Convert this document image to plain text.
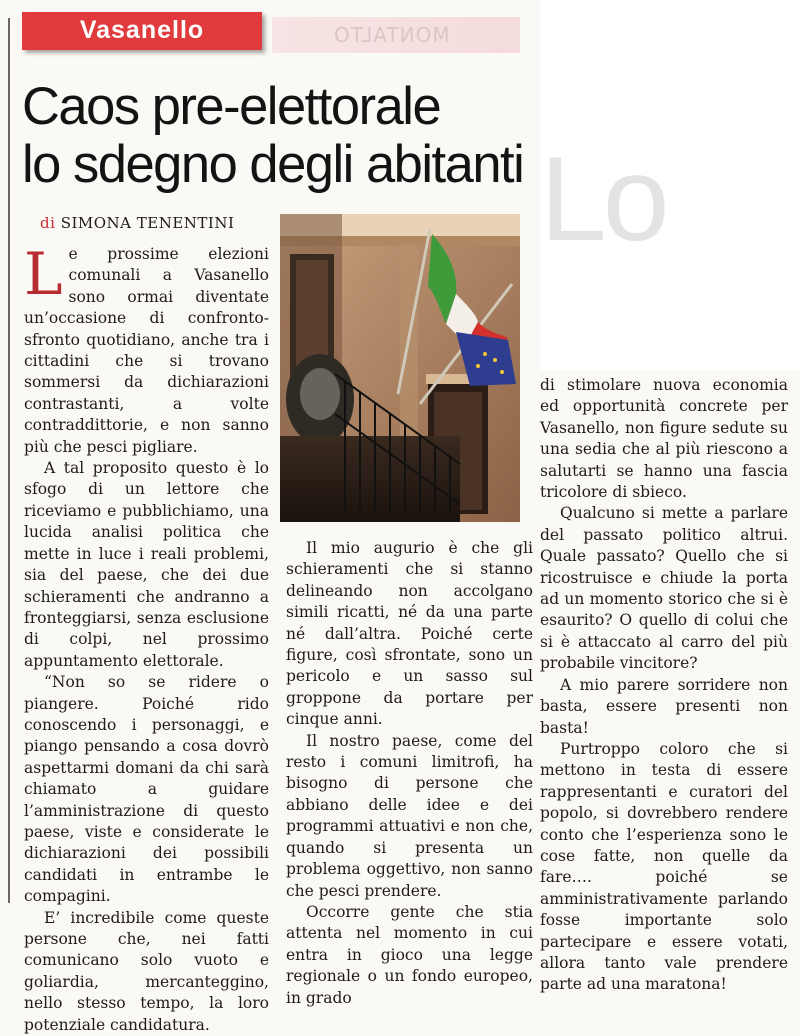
Lo
MONTALTO
Vasanello
Caos pre-elettorale
lo sdegno degli abitanti
di SIMONA TENENTINI
L e prossime elezioni comunali a Vasanello sono ormai diventate un’occasione di confronto-sfronto quotidiano, anche tra i cittadini che si trovano sommersi da dichiarazioni contrastanti, a volte contraddittorie, e non sanno più che pesci pigliare.

A tal proposito questo è lo sfogo di un lettore che riceviamo e pubblichiamo, una lucida analisi politica che mette in luce i reali problemi, sia del paese, che dei due schieramenti che andranno a fronteggiarsi, senza esclusione di colpi, nel prossimo appuntamento elettorale.

“Non so se ridere o piangere. Poiché rido conoscendo i personaggi, e piango pensando a cosa dovrò aspettarmi domani da chi sarà chiamato a guidare l’amministrazione di questo paese, viste e considerate le dichiarazioni dei possibili candidati in entrambe le compagini.

E’ incredibile come queste persone che, nei fatti comunicano solo vuoto e goliardia, mercanteggino, nello stesso tempo, la loro potenziale candidatura.

Il mio augurio è che gli schieramenti che si stanno delineando non accolgano simili ricatti, né da una parte né dall’altra. Poiché certe figure, così sfrontate, sono un pericolo e un sasso sul groppone da portare per cinque anni.

Il nostro paese, come del resto i comuni limitrofi, ha bisogno di persone che abbiano delle idee e dei programmi attuativi e non che, quando si presenta un problema oggettivo, non sanno che pesci prendere.

Occorre gente che stia attenta nel momento in cui entra in gioco una legge regionale o un fondo europeo, in grado

di stimolare nuova economia ed opportunità concrete per Vasanello, non figure sedute su una sedia che al più riescono a salutarti se hanno una fascia tricolore di sbieco.

Qualcuno si mette a parlare del passato politico altrui. Quale passato? Quello che si ricostruisce e chiude la porta ad un momento storico che si è esaurito? O quello di colui che si è attaccato al carro del più probabile vincitore?

A mio parere sorridere non basta, essere presenti non basta!

Purtroppo coloro che si mettono in testa di essere rappresentanti e curatori del popolo, si dovrebbero rendere conto che l’esperienza sono le cose fatte, non quelle da fare…. poiché se amministrativamente parlando fosse importante solo partecipare e essere votati, allora tanto vale prendere parte ad una maratona!
